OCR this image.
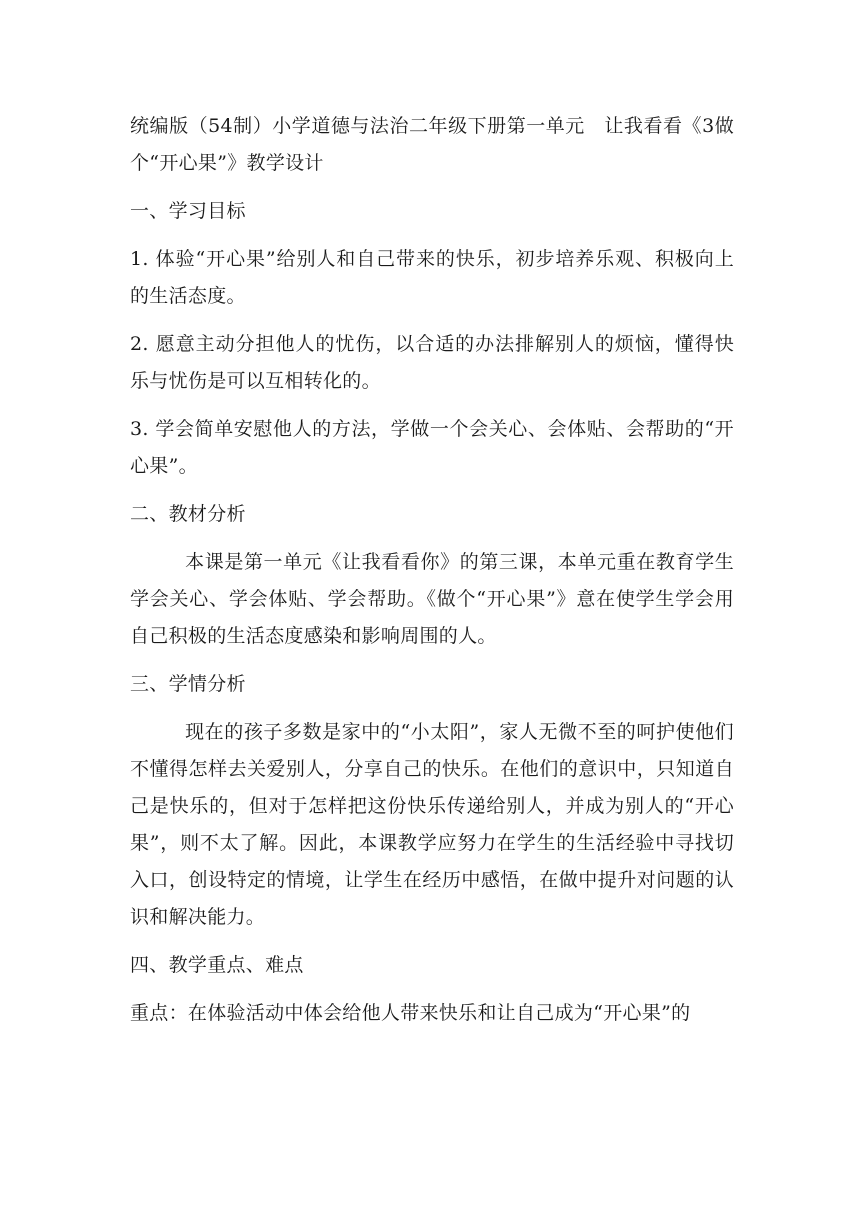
统编版（54制）小学道德与法治二年级下册第一单元　让我看看《3做个“开心果”》教学设计

一、学习目标

1. 体验“开心果”给别人和自己带来的快乐，初步培养乐观、积极向上的生活态度。

2. 愿意主动分担他人的忧伤，以合适的办法排解别人的烦恼，懂得快乐与忧伤是可以互相转化的。

3. 学会简单安慰他人的方法，学做一个会关心、会体贴、会帮助的“开心果”。

二、教材分析

本课是第一单元《让我看看你》的第三课，本单元重在教育学生学会关心、学会体贴、学会帮助。《做个“开心果”》意在使学生学会用自己积极的生活态度感染和影响周围的人。

三、学情分析

现在的孩子多数是家中的“小太阳”，家人无微不至的呵护使他们不懂得怎样去关爱别人，分享自己的快乐。在他们的意识中，只知道自己是快乐的，但对于怎样把这份快乐传递给别人，并成为别人的“开心果”，则不太了解。因此，本课教学应努力在学生的生活经验中寻找切入口，创设特定的情境，让学生在经历中感悟，在做中提升对问题的认识和解决能力。

四、教学重点、难点

重点：在体验活动中体会给他人带来快乐和让自己成为“开心果”的
